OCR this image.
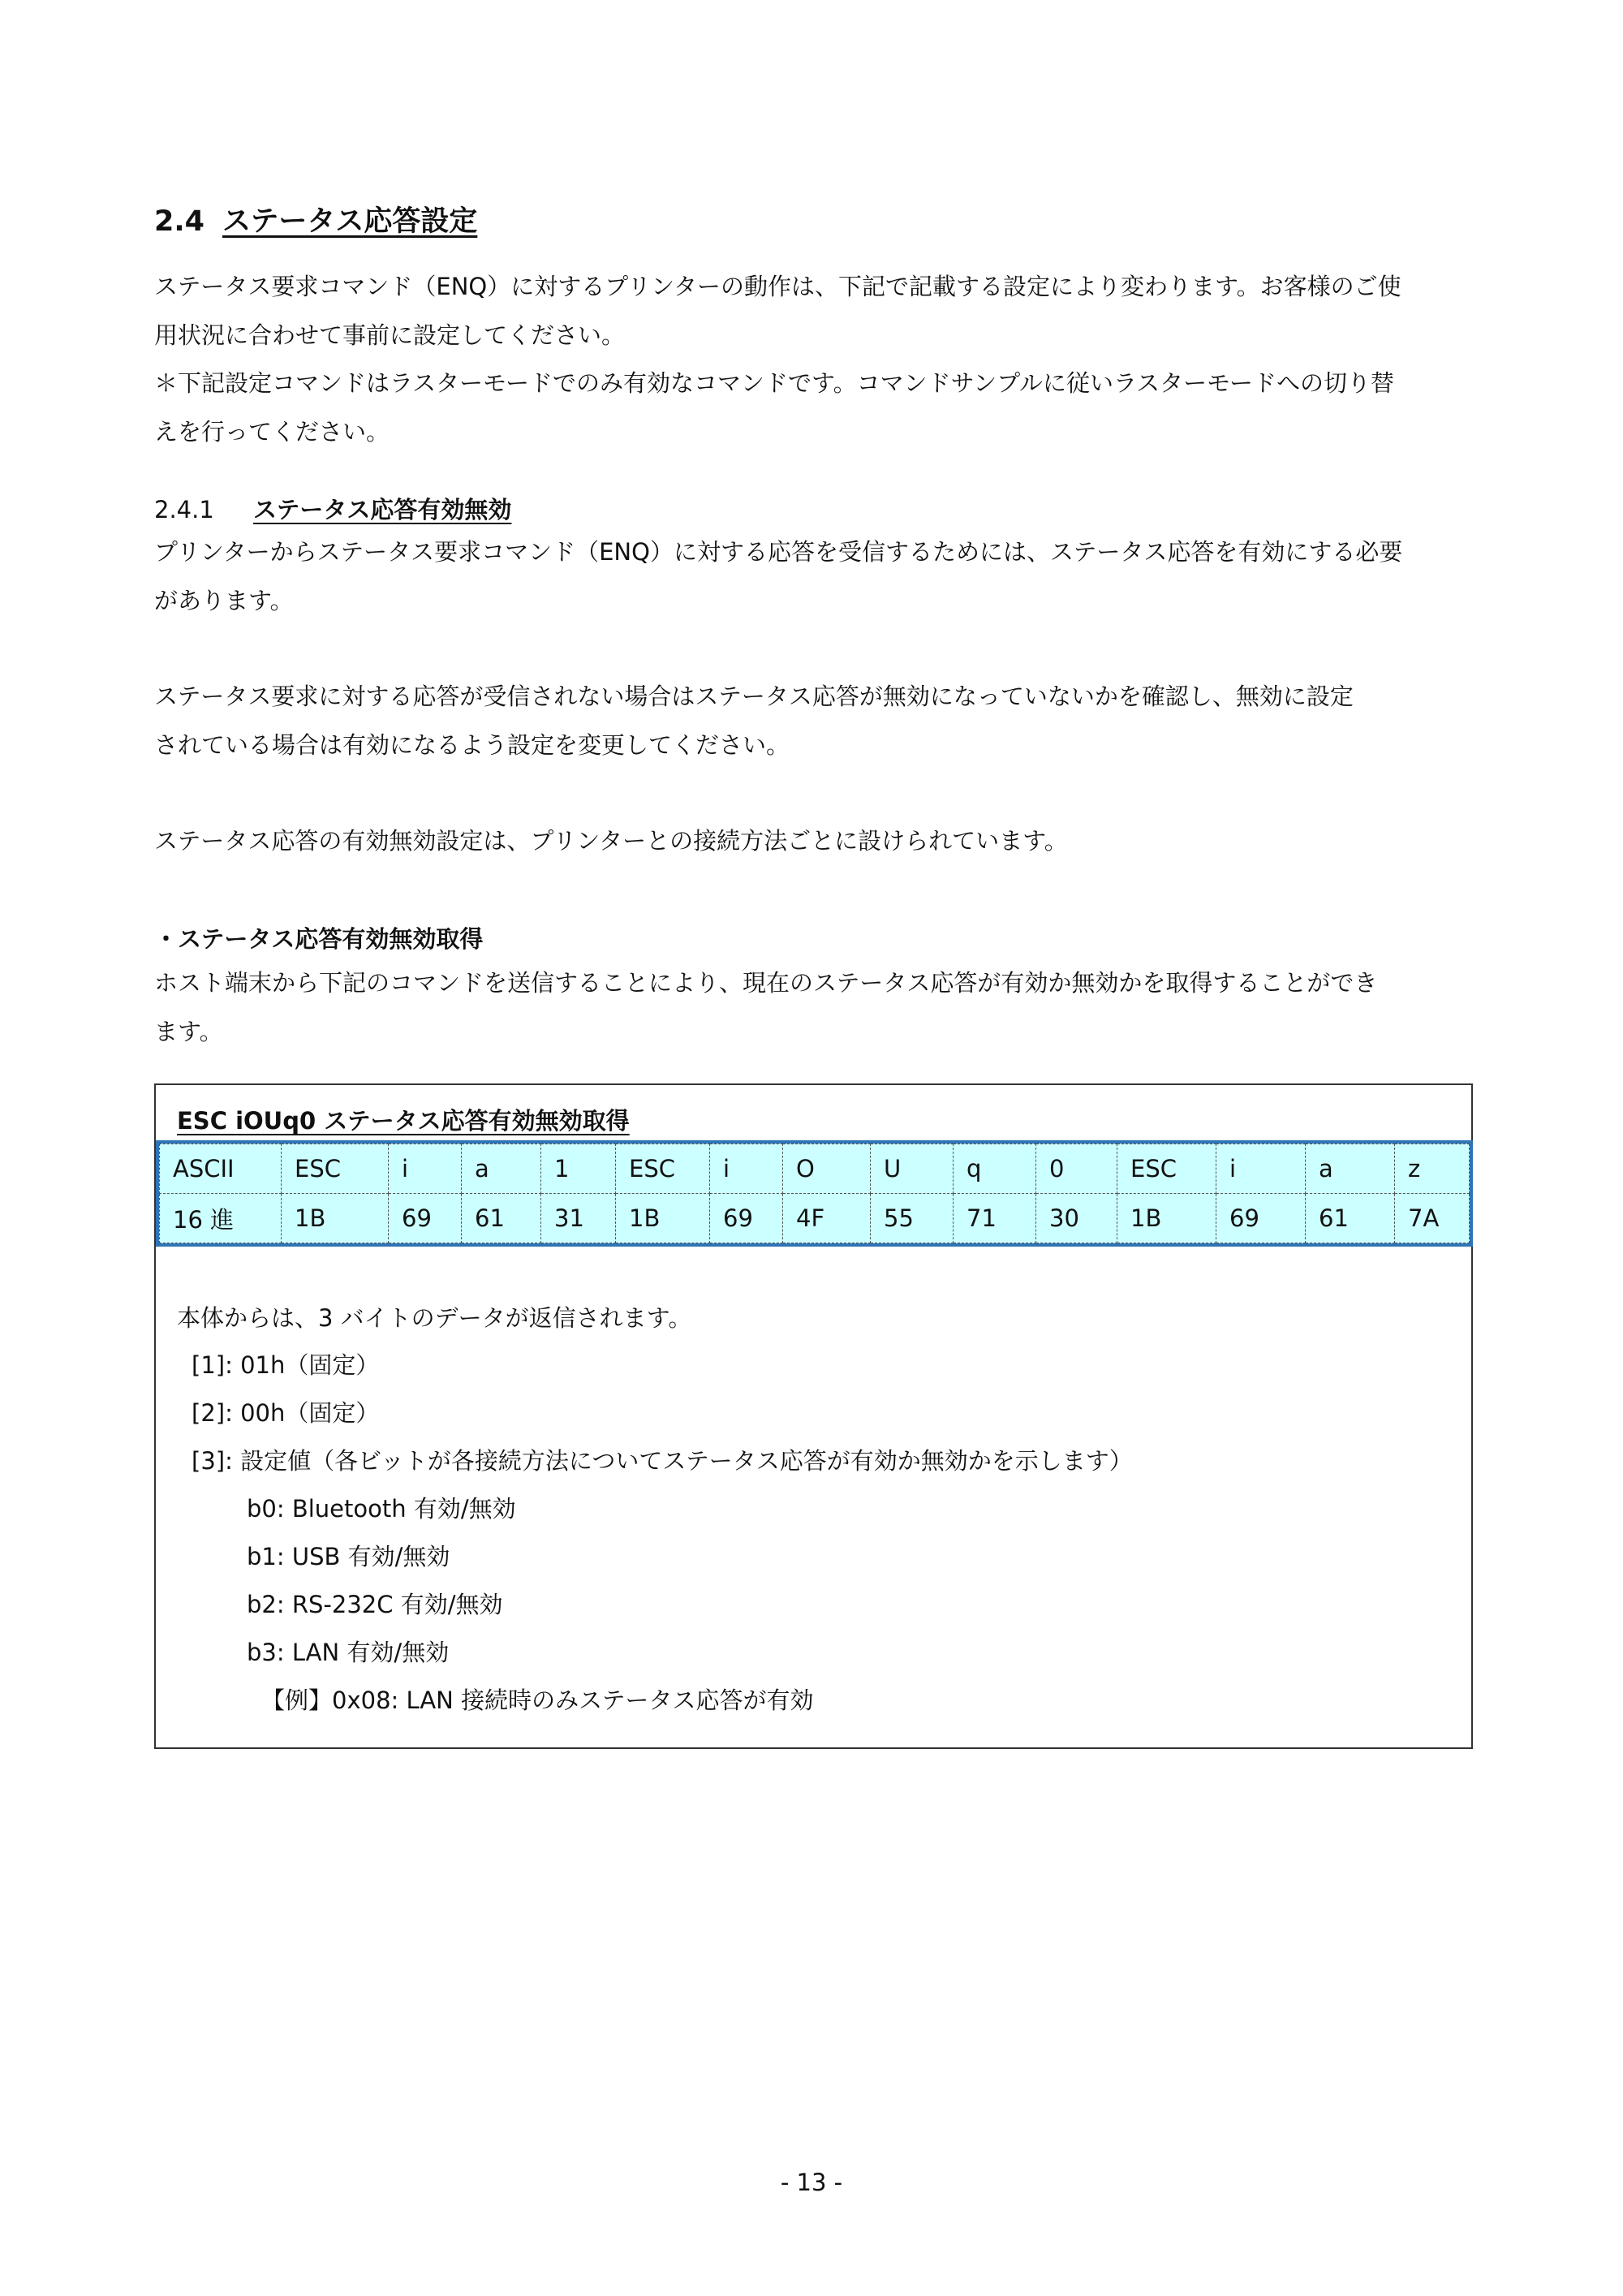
2.4 ステータス応答設定
ステータス要求コマンド（ENQ）に対するプリンターの動作は、下記で記載する設定により変わります。お客様のご使
用状況に合わせて事前に設定してください。
＊下記設定コマンドはラスターモードでのみ有効なコマンドです。コマンドサンプルに従いラスターモードへの切り替
えを行ってください。
2.4.1 ステータス応答有効無効
プリンターからステータス要求コマンド（ENQ）に対する応答を受信するためには、ステータス応答を有効にする必要
があります。
ステータス要求に対する応答が受信されない場合はステータス応答が無効になっていないかを確認し、無効に設定
されている場合は有効になるよう設定を変更してください。
ステータス応答の有効無効設定は、プリンターとの接続方法ごとに設けられています。
・ステータス応答有効無効取得
ホスト端末から下記のコマンドを送信することにより、現在のステータス応答が有効か無効かを取得することができ
ます。
ESC iOUq0 ステータス応答有効無効取得
ASCII	ESC	i	a	1	ESC	i	O	U	q	0	ESC	i	a	z
16 進	1B	69	61	31	1B	69	4F	55	71	30	1B	69	61	7A
本体からは、3 バイトのデータが返信されます。
[1]: 01h（固定）
[2]: 00h（固定）
[3]: 設定値（各ビットが各接続方法についてステータス応答が有効か無効かを示します）
b0: Bluetooth 有効/無効
b1: USB 有効/無効
b2: RS-232C 有効/無効
b3: LAN 有効/無効
【例】0x08: LAN 接続時のみステータス応答が有効
- 13 -
